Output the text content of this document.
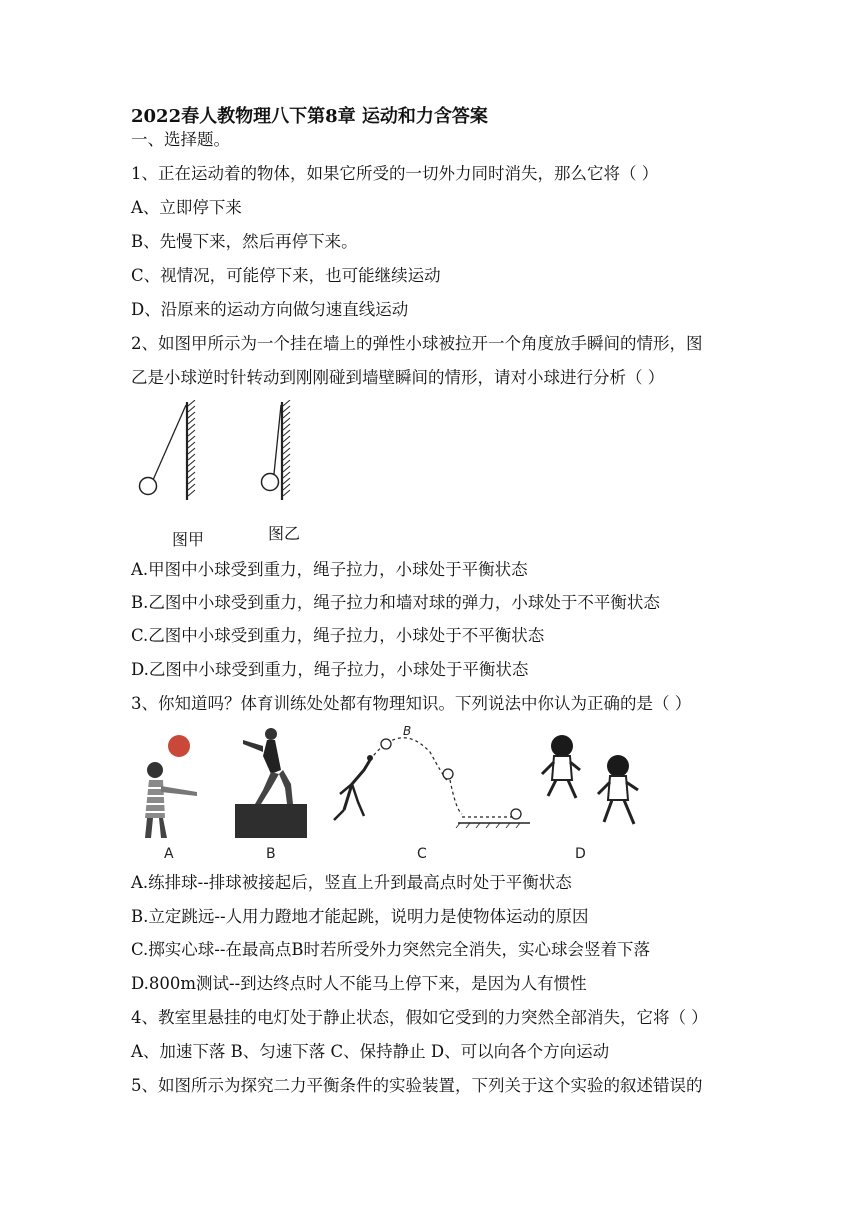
2022春人教物理八下第8章 运动和力含答案
一、选择题。
1、正在运动着的物体，如果它所受的一切外力同时消失，那么它将（ ）
A、立即停下来
B、先慢下来，然后再停下来。
C、视情况，可能停下来，也可能继续运动
D、沿原来的运动方向做匀速直线运动
2、如图甲所示为一个挂在墙上的弹性小球被拉开一个角度放手瞬间的情形，图
乙是小球逆时针转动到刚刚碰到墙壁瞬间的情形，请对小球进行分析（ ）
图甲	图乙
A.甲图中小球受到重力，绳子拉力，小球处于平衡状态
B.乙图中小球受到重力，绳子拉力和墙对球的弹力，小球处于不平衡状态
C.乙图中小球受到重力，绳子拉力，小球处于不平衡状态
D.乙图中小球受到重力，绳子拉力，小球处于平衡状态
3、你知道吗？体育训练处处都有物理知识。下列说法中你认为正确的是（ ）
B
A	B	C	D
A.练排球--排球被接起后，竖直上升到最高点时处于平衡状态
B.立定跳远--人用力蹬地才能起跳，说明力是使物体运动的原因
C.掷实心球--在最高点B时若所受外力突然完全消失，实心球会竖着下落
D.800m测试--到达终点时人不能马上停下来，是因为人有惯性
4、教室里悬挂的电灯处于静止状态，假如它受到的力突然全部消失，它将（ ）
A、加速下落 B、匀速下落 C、保持静止 D、可以向各个方向运动
5、如图所示为探究二力平衡条件的实验装置，下列关于这个实验的叙述错误的
